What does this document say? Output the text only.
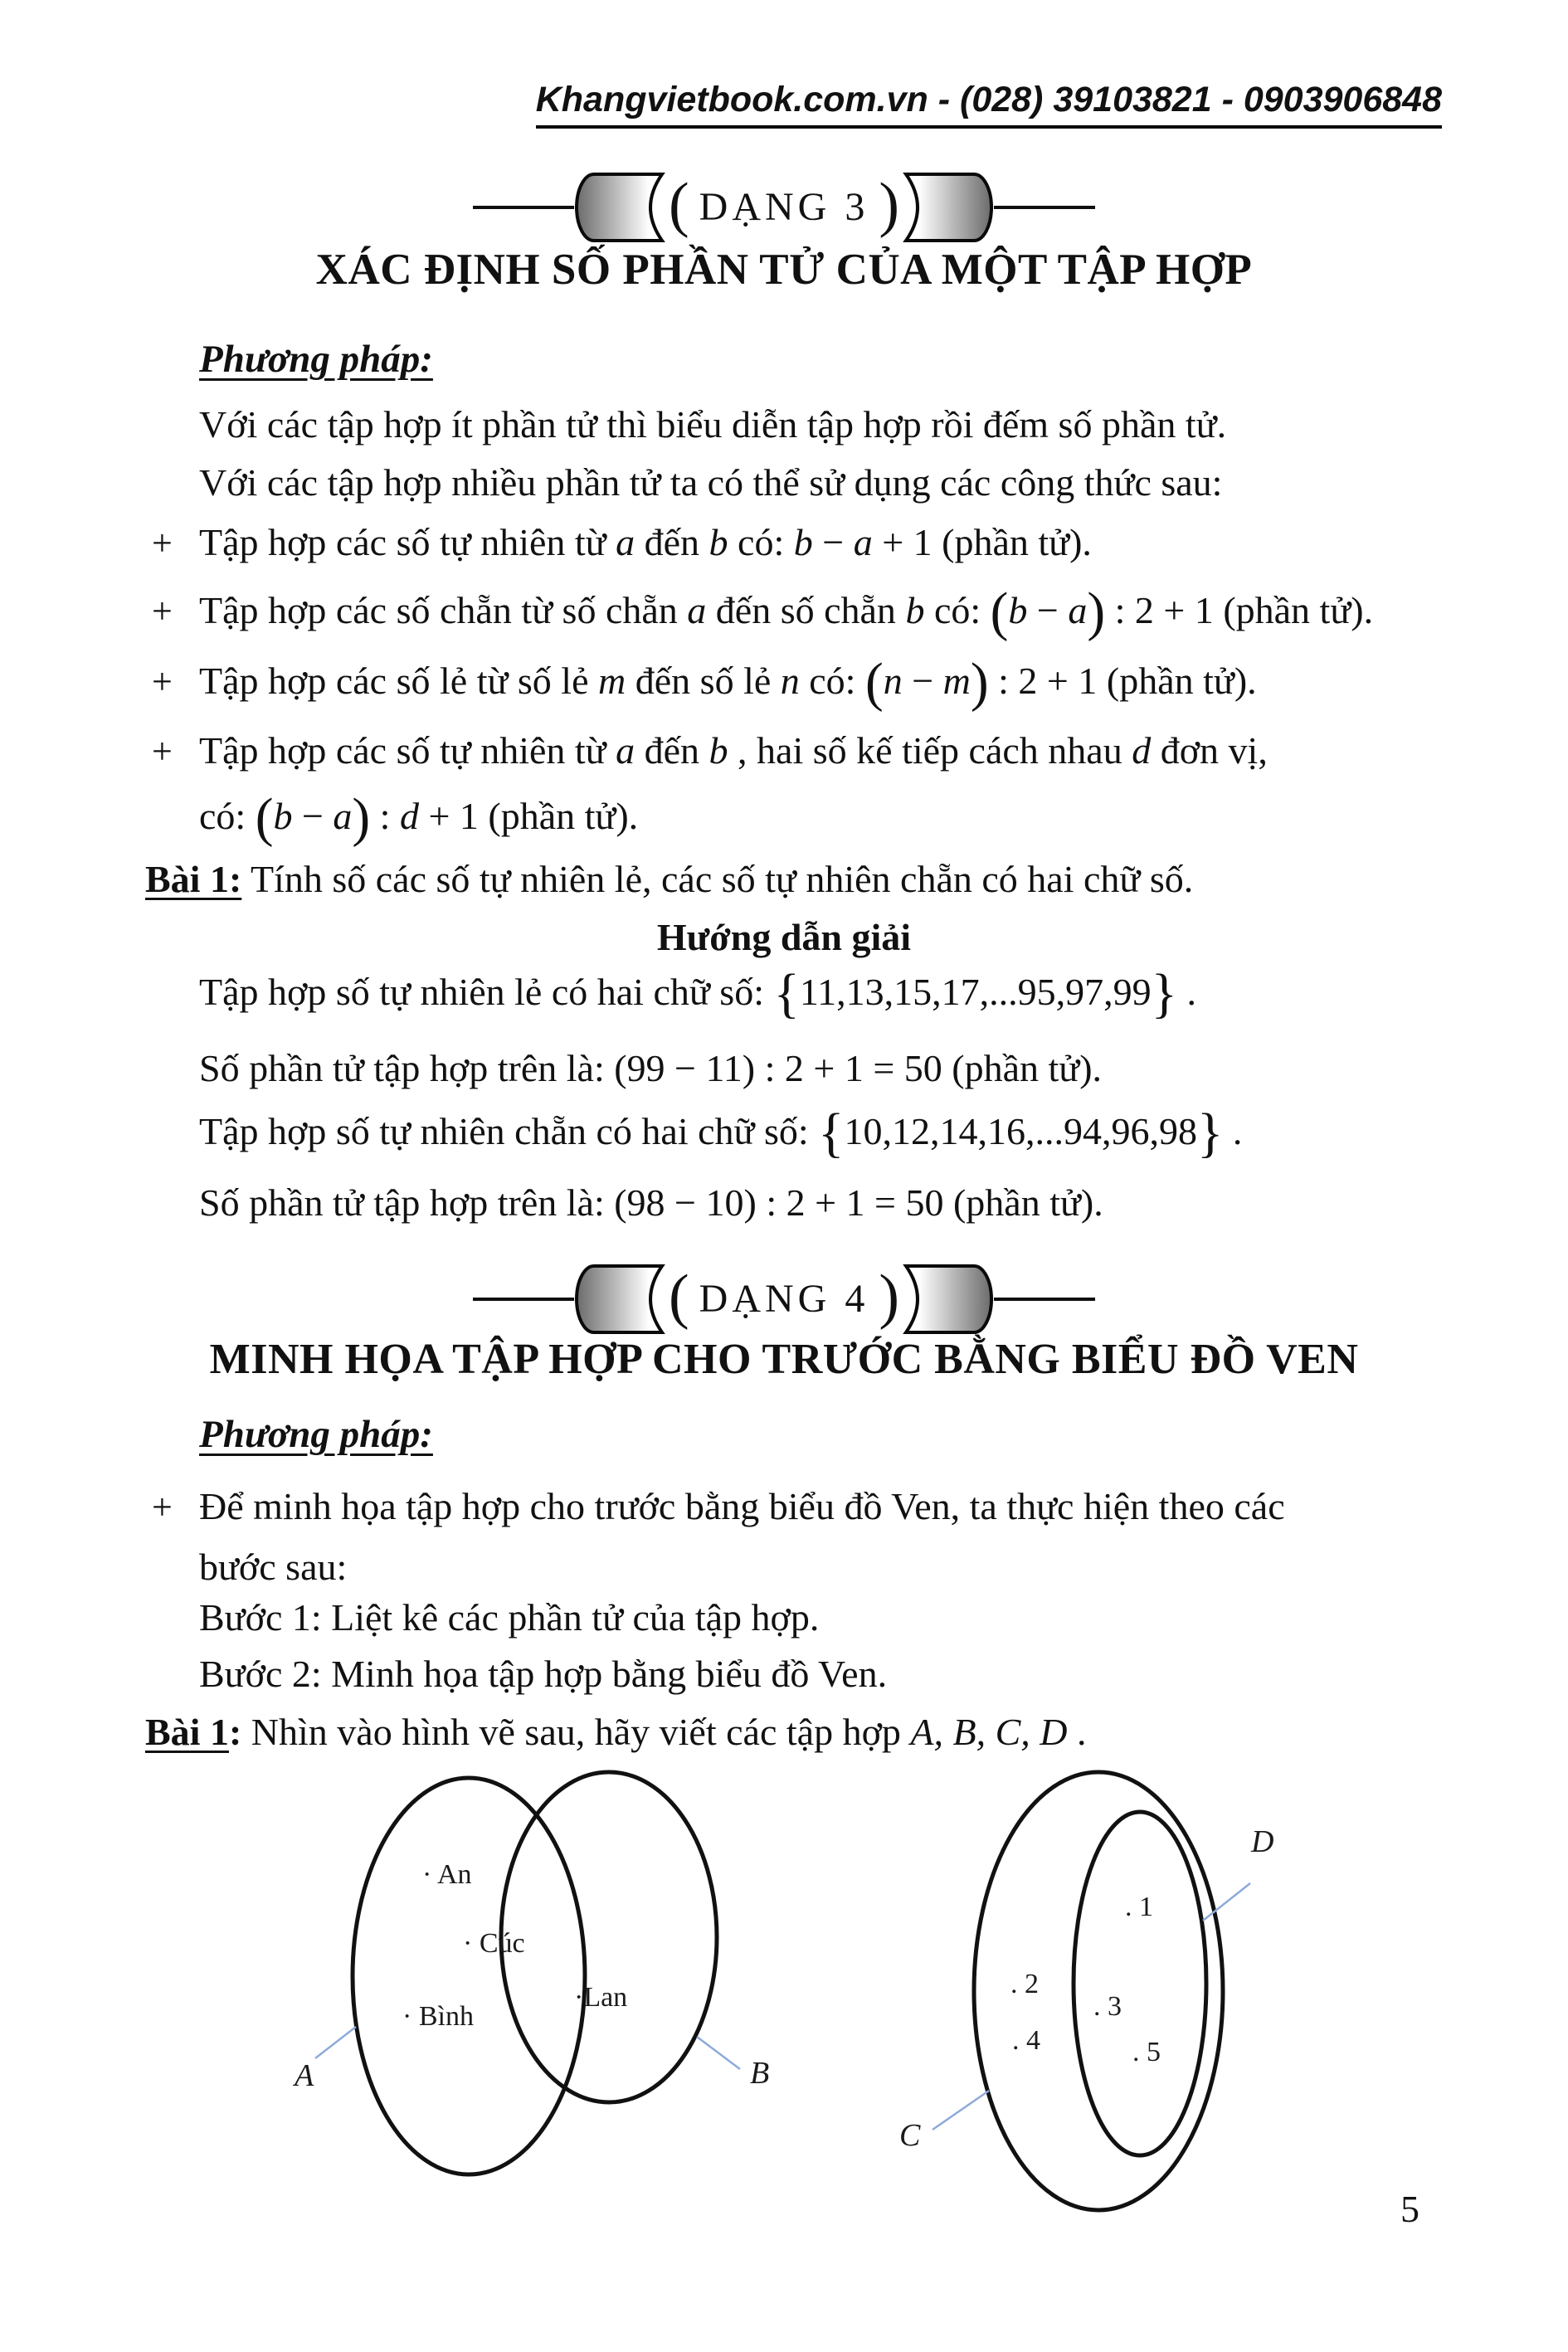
Khangvietbook.com.vn - (028) 39103821 - 0903906848
( DẠNG 3 )
XÁC ĐỊNH SỐ PHẦN TỬ CỦA MỘT TẬP HỢP
Phương pháp:
Với các tập hợp ít phần tử thì biểu diễn tập hợp rồi đếm số phần tử.
Với các tập hợp nhiều phần tử ta có thể sử dụng các công thức sau:
+ Tập hợp các số tự nhiên từ a đến b có: b − a + 1 (phần tử).
+ Tập hợp các số chẵn từ số chẵn a đến số chẵn b có: (b − a) : 2 + 1 (phần tử).
+ Tập hợp các số lẻ từ số lẻ m đến số lẻ n có: (n − m) : 2 + 1 (phần tử).
+ Tập hợp các số tự nhiên từ a đến b , hai số kế tiếp cách nhau d đơn vị,
có: (b − a) : d + 1 (phần tử).
Bài 1: Tính số các số tự nhiên lẻ, các số tự nhiên chẵn có hai chữ số.
Hướng dẫn giải
Tập hợp số tự nhiên lẻ có hai chữ số: {11,13,15,17,...95,97,99} .
Số phần tử tập hợp trên là: (99 − 11) : 2 + 1 = 50 (phần tử).
Tập hợp số tự nhiên chẵn có hai chữ số: {10,12,14,16,...94,96,98} .
Số phần tử tập hợp trên là: (98 − 10) : 2 + 1 = 50 (phần tử).
( DẠNG 4 )
MINH HỌA TẬP HỢP CHO TRƯỚC BẰNG BIỂU ĐỒ VEN
Phương pháp:
+ Để minh họa tập hợp cho trước bằng biểu đồ Ven, ta thực hiện theo các
bước sau:
Bước 1: Liệt kê các phần tử của tập hợp.
Bước 2: Minh họa tập hợp bằng biểu đồ Ven.
Bài 1: Nhìn vào hình vẽ sau, hãy viết các tập hợp A, B, C, D .
· An
· Cúc
· Bình
·Lan
A	B
. 1
. 2
. 3
. 4	. 5
D
C
5
